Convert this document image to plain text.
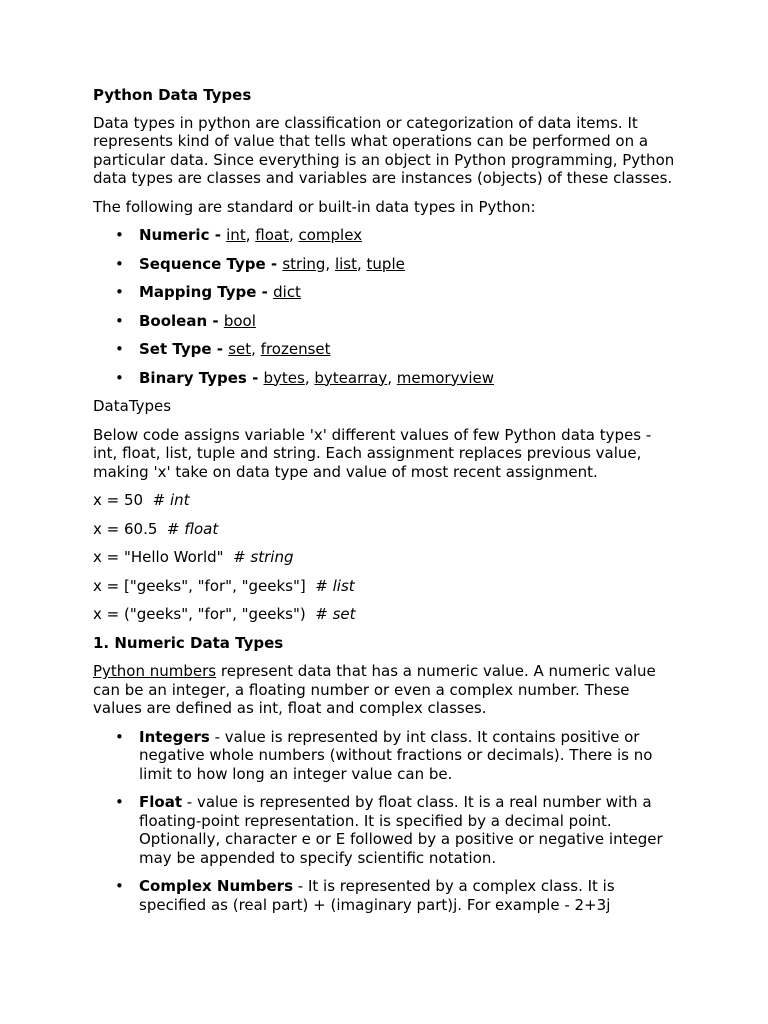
Python Data Types

Data types in python are classification or categorization of data items. It represents kind of value that tells what operations can be performed on a particular data. Since everything is an object in Python programming, Python data types are classes and variables are instances (objects) of these classes.

The following are standard or built-in data types in Python:

• Numeric - int, float, complex
• Sequence Type - string, list, tuple
• Mapping Type - dict
• Boolean - bool
• Set Type - set, frozenset
• Binary Types - bytes, bytearray, memoryview

DataTypes

Below code assigns variable 'x' different values of few Python data types - int, float, list, tuple and string. Each assignment replaces previous value, making 'x' take on data type and value of most recent assignment.

x = 50  # int

x = 60.5  # float

x = "Hello World"  # string

x = ["geeks", "for", "geeks"]  # list

x = ("geeks", "for", "geeks")  # set

1. Numeric Data Types

Python numbers represent data that has a numeric value. A numeric value can be an integer, a floating number or even a complex number. These values are defined as int, float and complex classes.

• Integers - value is represented by int class. It contains positive or negative whole numbers (without fractions or decimals). There is no limit to how long an integer value can be.
• Float - value is represented by float class. It is a real number with a floating-point representation. It is specified by a decimal point. Optionally, character e or E followed by a positive or negative integer may be appended to specify scientific notation.
• Complex Numbers - It is represented by a complex class. It is specified as (real part) + (imaginary part)j. For example - 2+3j
